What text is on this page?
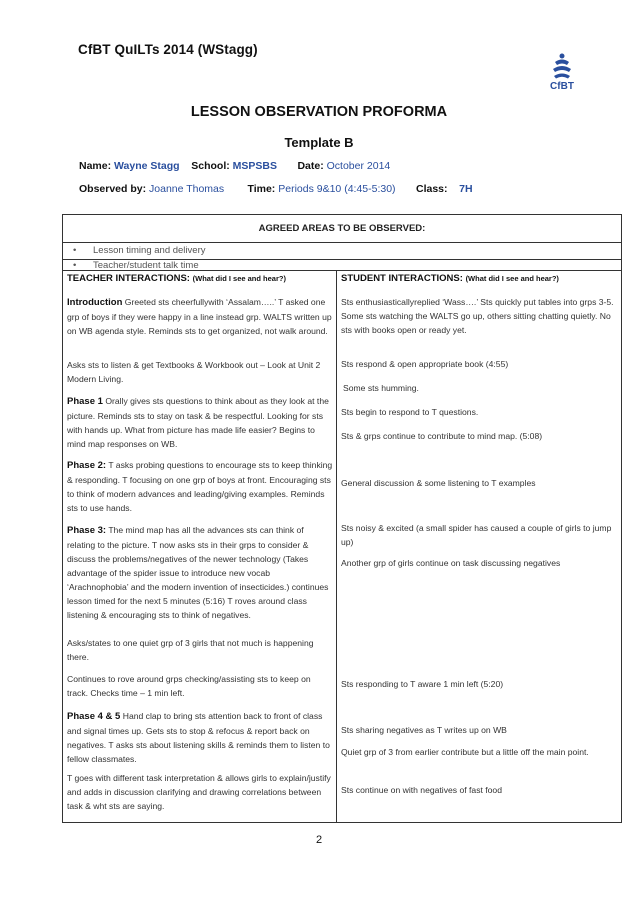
CfBT QuILTs 2014 (WStagg)
CfBT
LESSON OBSERVATION PROFORMA
Template B
Name: Wayne Stagg School: MSPSBS Date: October 2014
Observed by: Joanne Thomas Time: Periods 9&10 (4:45-5:30) Class: 7H
AGREED AREAS TO BE OBSERVED:
• Lesson timing and delivery
• Teacher/student talk time
TEACHER INTERACTIONS: (What did I see and hear?)
Introduction Greeted sts cheerfullywith ‘Assalam…..’ T asked one grp of boys if they were happy in a line instead grp. WALTS written up on WB agenda style. Reminds sts to get organized, not walk around.
Asks sts to listen & get Textbooks & Workbook out – Look at Unit 2 Modern Living.
Phase 1 Orally gives sts questions to think about as they look at the picture. Reminds sts to stay on task & be respectful. Looking for sts with hands up. What from picture has made life easier? Begins to mind map responses on WB.
Phase 2: T asks probing questions to encourage sts to keep thinking & responding. T focusing on one grp of boys at front. Encouraging sts to think of modern advances and leading/giving examples. Reminds sts to use hands.
Phase 3: The mind map has all the advances sts can think of relating to the picture. T now asks sts in their grps to consider & discuss the problems/negatives of the newer technology (Takes advantage of the spider issue to introduce new vocab ‘Arachnophobia’ and the modern invention of insecticides.) continues lesson timed for the next 5 minutes (5:16) T roves around class listening & encouraging sts to think of negatives.
Asks/states to one quiet grp of 3 girls that not much is happening there.
Continues to rove around grps checking/assisting sts to keep on track. Checks time – 1 min left.
Phase 4 & 5 Hand clap to bring sts attention back to front of class and signal times up. Gets sts to stop & refocus & report back on negatives. T asks sts about listening skills & reminds them to listen to fellow classmates.
T goes with different task interpretation & allows girls to explain/justify and adds in discussion clarifying and drawing correlations between task & wht sts are saying.
STUDENT INTERACTIONS: (What did I see and hear?)
Sts enthusiasticallyreplied ‘Wass….’ Sts quickly put tables into grps 3-5. Some sts watching the WALTS go up, others sitting chatting quietly. No sts with books open or ready yet.
Sts respond & open appropriate book (4:55)
Some sts humming.
Sts begin to respond to T questions.
Sts & grps continue to contribute to mind map. (5:08)
General discussion & some listening to T examples
Sts noisy & excited (a small spider has caused a couple of girls to jump up)
Another grp of girls continue on task discussing negatives
Sts responding to T aware 1 min left (5:20)
Sts sharing negatives as T writes up on WB
Quiet grp of 3 from earlier contribute but a little off the main point.
Sts continue on with negatives of fast food
2
